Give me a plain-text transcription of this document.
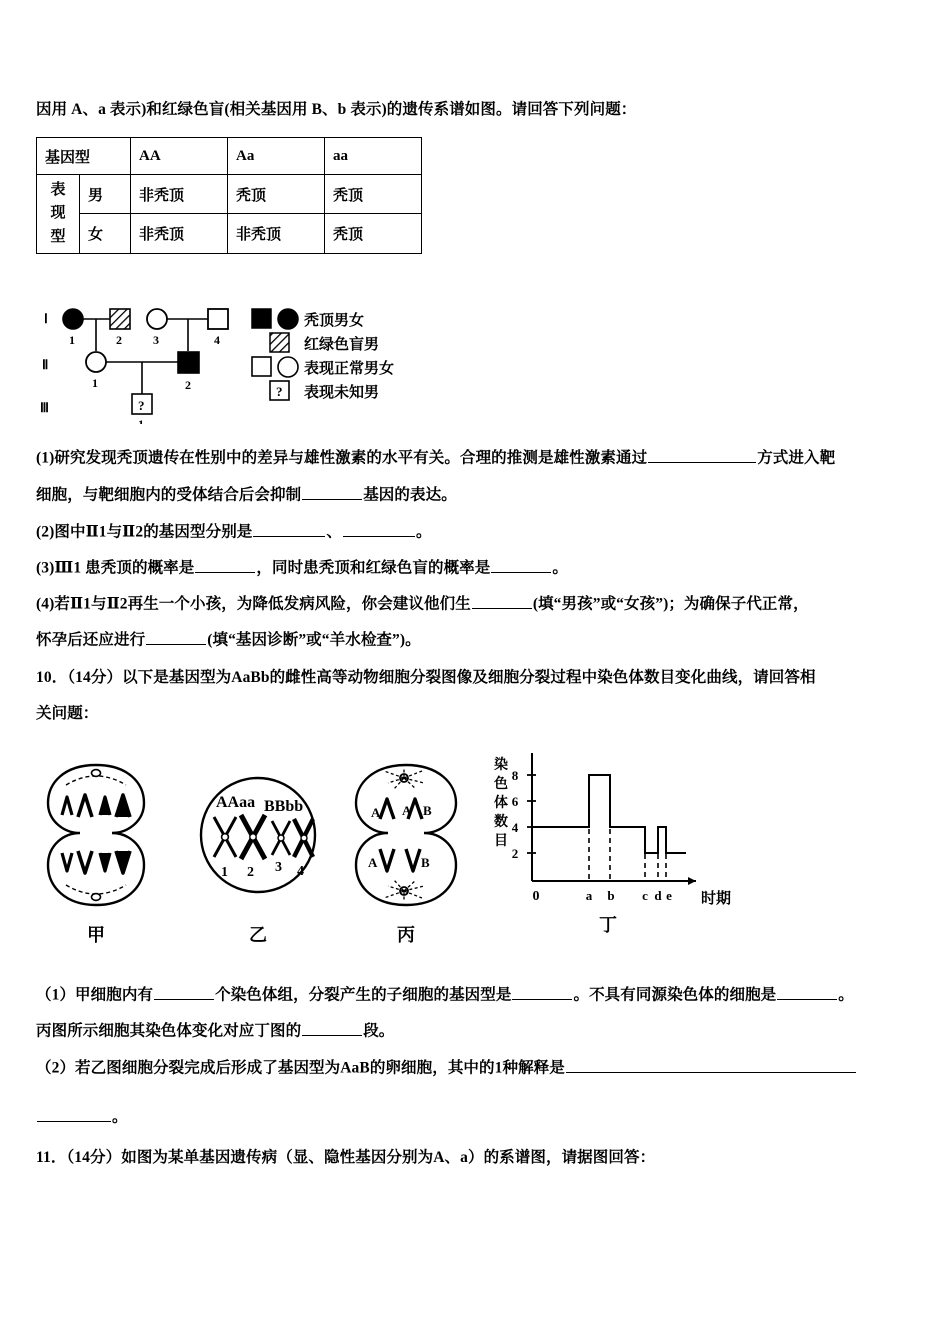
因用 A、a 表示)和红绿色盲(相关基因用 B、b 表示)的遗传系谱如图。请回答下列问题：
基因型		AA	Aa	aa
表
现
型	男	非秃顶	秃顶	秃顶
	女	非秃顶	非秃顶	秃顶
Ⅰ
Ⅱ
Ⅲ
1	2	3	4
1	2
?
1
秃顶男女
红绿色盲男
表现正常男女
? 表现未知男
(1)研究发现秃顶遗传在性别中的差异与雄性激素的水平有关。合理的推测是雄性激素通过	方式进入靶
细胞，与靶细胞内的受体结合后会抑制	基因的表达。
(2)图中Ⅱ1与Ⅱ2的基因型分别是	、	。
(3)Ⅲ1 患秃顶的概率是	，同时患秃顶和红绿色盲的概率是	。
(4)若Ⅱ1与Ⅱ2再生一个小孩，为降低发病风险，你会建议他们生	(填“男孩”或“女孩”)；为确保子代正常，
怀孕后还应进行	(填“基因诊断”或“羊水检查”)。
10．（14分）以下是基因型为AaBb的雌性高等动物细胞分裂图像及细胞分裂过程中染色体数目变化曲线，请回答相
关问题：
AAaa BBbb
1 2 3 4
A A B
A	B
染
色
体
数
目
8
6
4
2
0	a b c d e 时期
甲	乙	丙	丁
（1）甲细胞内有	个染色体组，分裂产生的子细胞的基因型是	。不具有同源染色体的细胞是	。
丙图所示细胞其染色体变化对应丁图的	段。
（2）若乙图细胞分裂完成后形成了基因型为AaB的卵细胞，其中的1种解释是
。
11．（14分）如图为某单基因遗传病（显、隐性基因分别为A、a）的系谱图，请据图回答：
